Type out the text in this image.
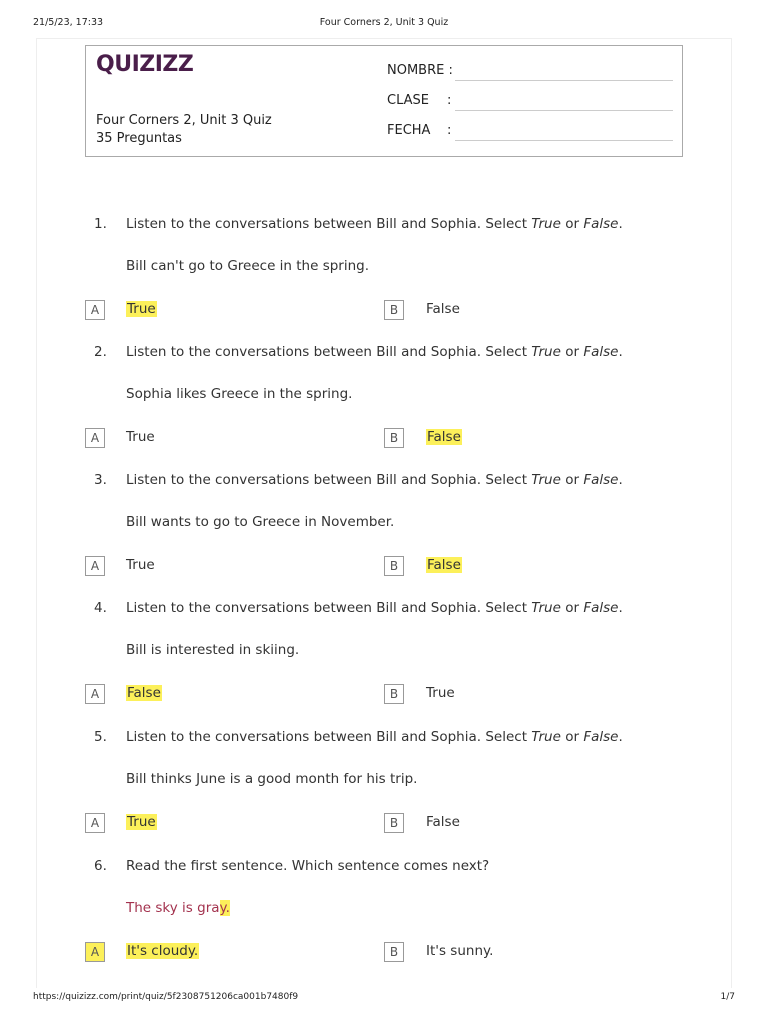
21/5/23, 17:33	Four Corners 2, Unit 3 Quiz
QUIZIZZ
Four Corners 2, Unit 3 Quiz
35 Preguntas
NOMBRE :
CLASE :
FECHA :
1. Listen to the conversations between Bill and Sophia. Select True or False.
Bill can't go to Greece in the spring.
A	True	B	False
2. Listen to the conversations between Bill and Sophia. Select True or False.
Sophia likes Greece in the spring.
A	True	B	False
3. Listen to the conversations between Bill and Sophia. Select True or False.
Bill wants to go to Greece in November.
A	True	B	False
4. Listen to the conversations between Bill and Sophia. Select True or False.
Bill is interested in skiing.
A	False	B	True
5. Listen to the conversations between Bill and Sophia. Select True or False.
Bill thinks June is a good month for his trip.
A	True	B	False
6. Read the first sentence. Which sentence comes next?
The sky is gray.
A	It's cloudy.	B	It's sunny.
https://quizizz.com/print/quiz/5f2308751206ca001b7480f9	1/7
